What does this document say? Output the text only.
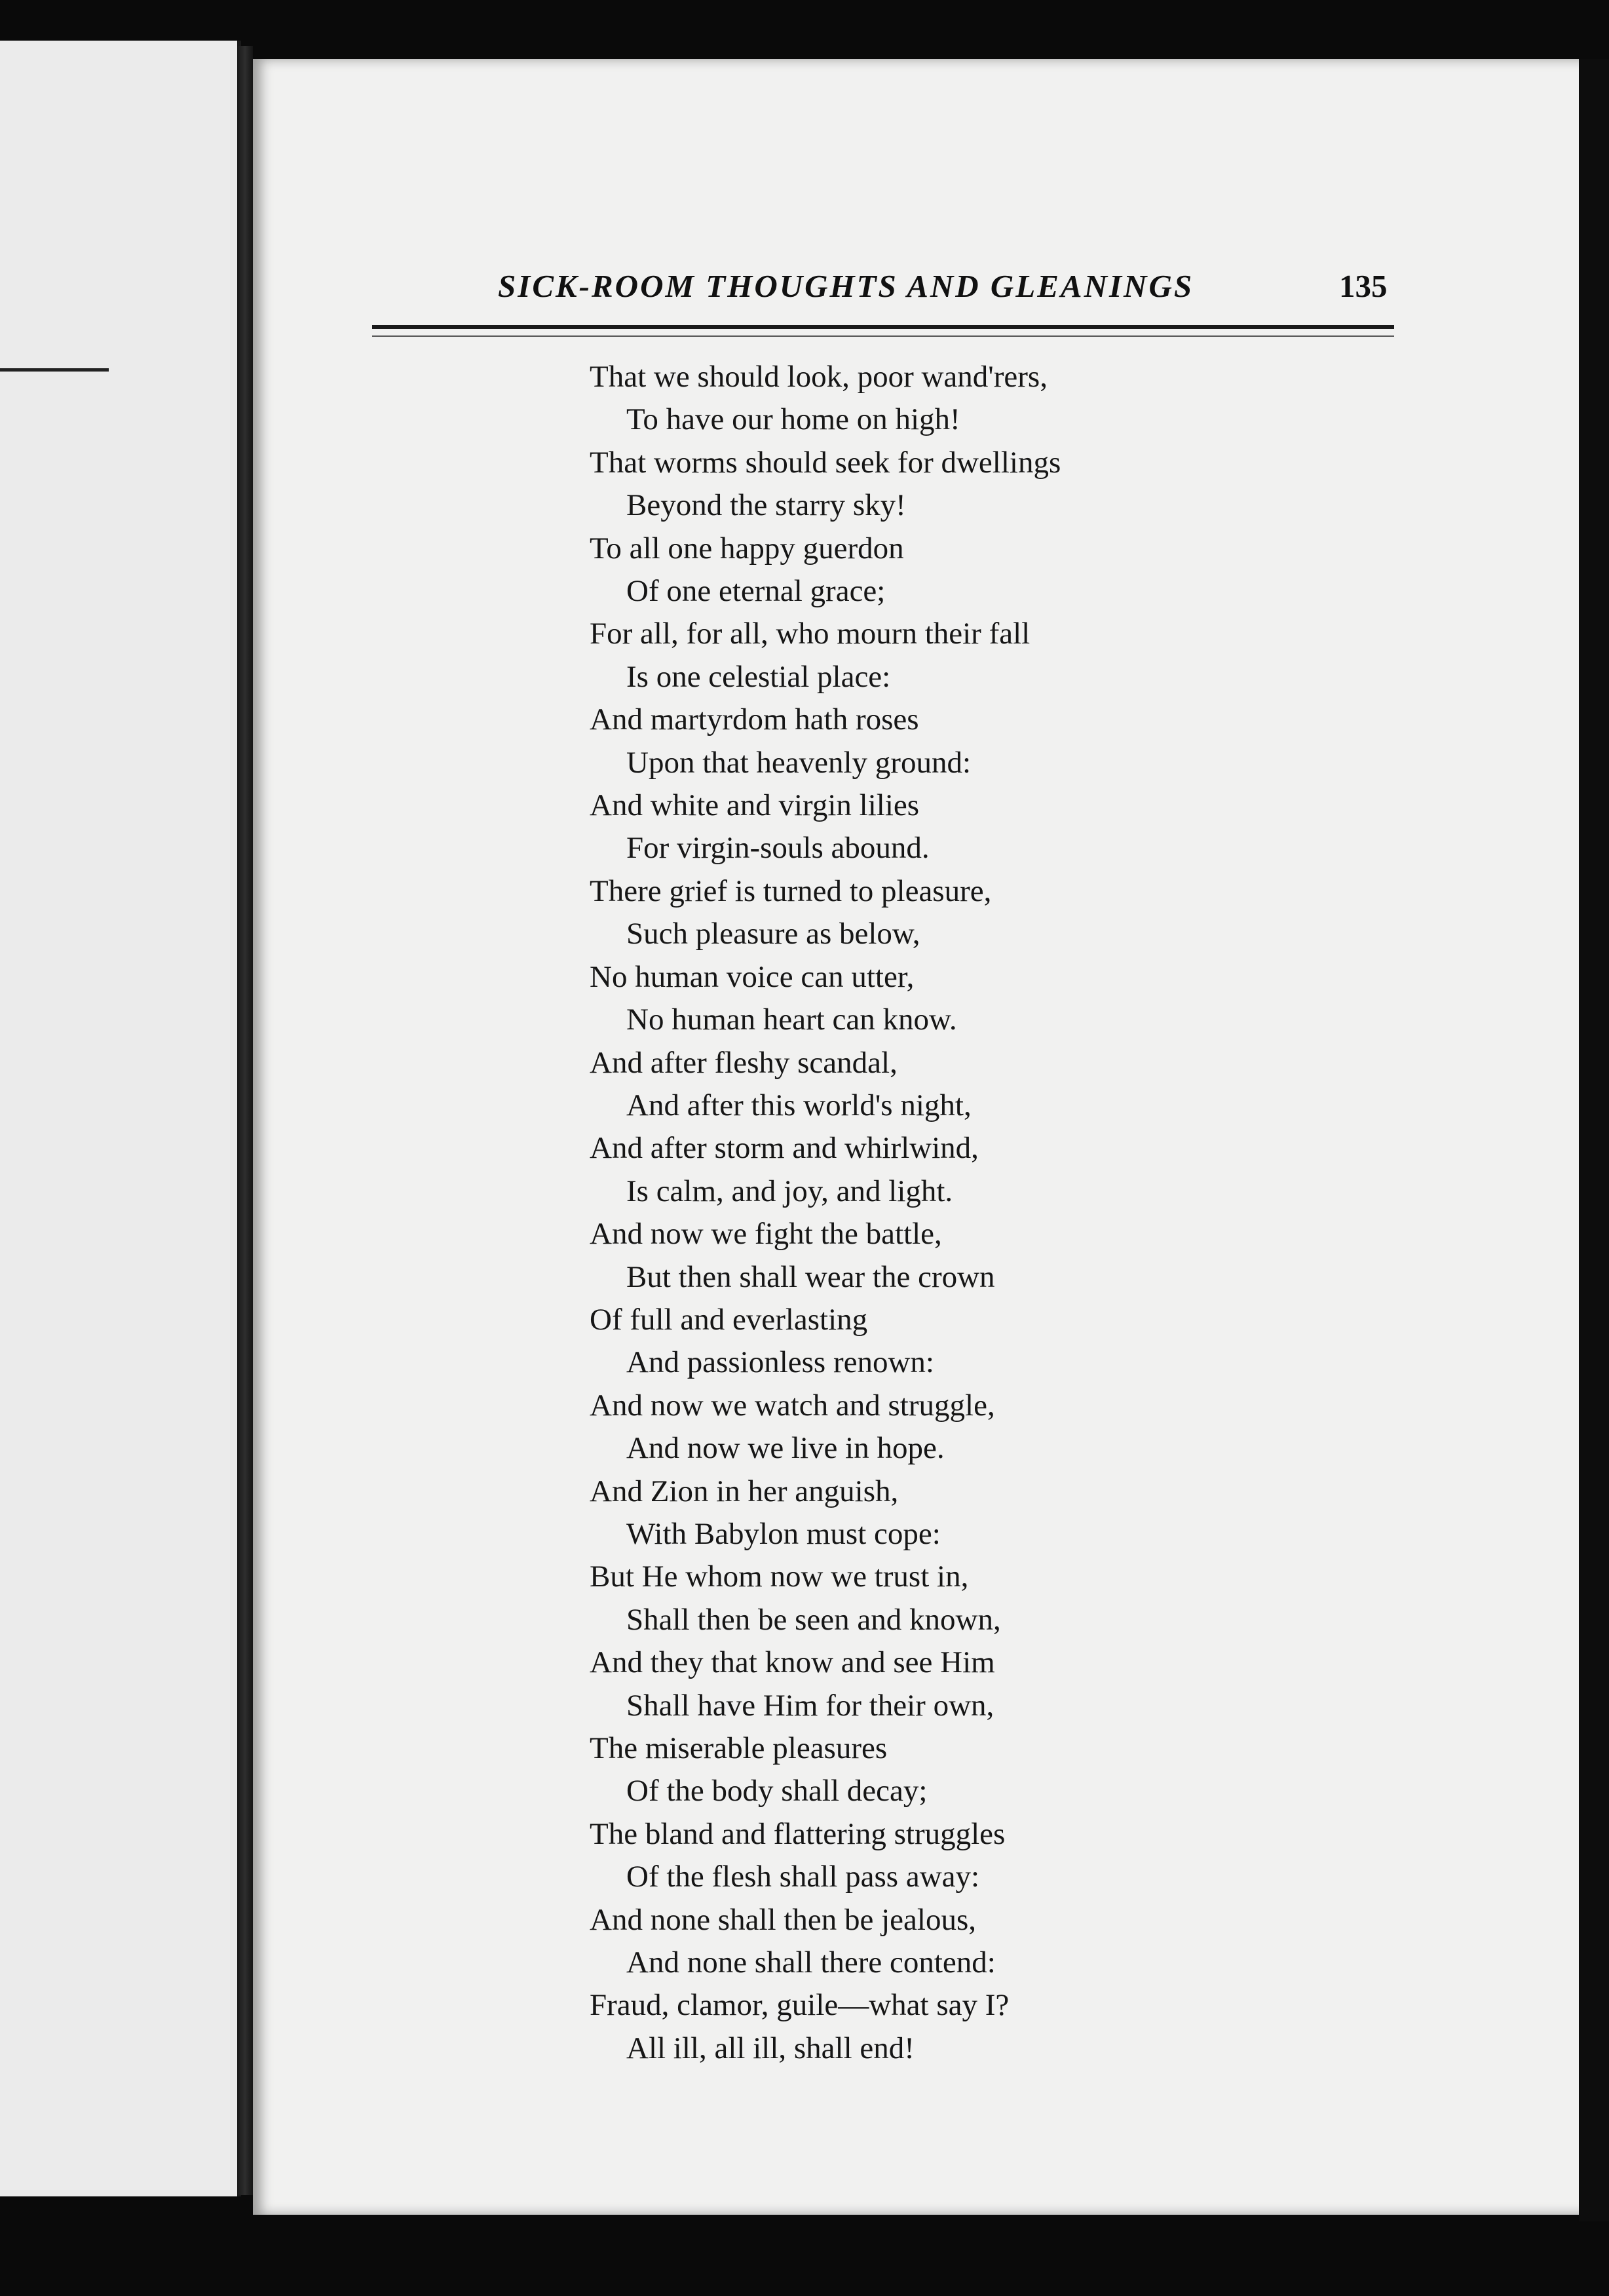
SICK-ROOM THOUGHTS AND GLEANINGS	135
That we should look, poor wand'rers,
To have our home on high!
That worms should seek for dwellings
Beyond the starry sky!
To all one happy guerdon
Of one eternal grace;
For all, for all, who mourn their fall
Is one celestial place:
And martyrdom hath roses
Upon that heavenly ground:
And white and virgin lilies
For virgin-souls abound.
There grief is turned to pleasure,
Such pleasure as below,
No human voice can utter,
No human heart can know.
And after fleshy scandal,
And after this world's night,
And after storm and whirlwind,
Is calm, and joy, and light.
And now we fight the battle,
But then shall wear the crown
Of full and everlasting
And passionless renown:
And now we watch and struggle,
And now we live in hope.
And Zion in her anguish,
With Babylon must cope:
But He whom now we trust in,
Shall then be seen and known,
And they that know and see Him
Shall have Him for their own,
The miserable pleasures
Of the body shall decay;
The bland and flattering struggles
Of the flesh shall pass away:
And none shall then be jealous,
And none shall there contend:
Fraud, clamor, guile—what say I?
All ill, all ill, shall end!
